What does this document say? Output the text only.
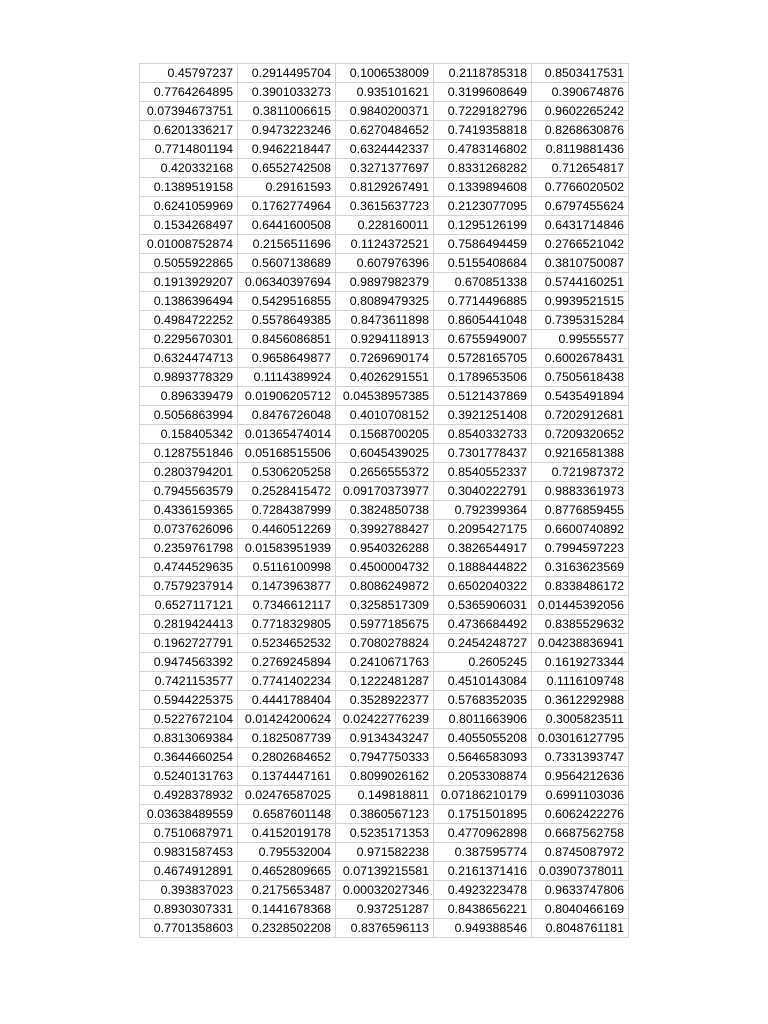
0.45797237	0.2914495704	0.1006538009	0.2118785318	0.8503417531
0.7764264895	0.3901033273	0.935101621	0.3199608649	0.390674876
0.07394673751	0.3811006615	0.9840200371	0.7229182796	0.9602265242
0.6201336217	0.9473223246	0.6270484652	0.7419358818	0.8268630876
0.7714801194	0.9462218447	0.6324442337	0.4783146802	0.8119881436
0.420332168	0.6552742508	0.3271377697	0.8331268282	0.712654817
0.1389519158	0.29161593	0.8129267491	0.1339894608	0.7766020502
0.6241059969	0.1762774964	0.3615637723	0.2123077095	0.6797455624
0.1534268497	0.6441600508	0.228160011	0.1295126199	0.6431714846
0.01008752874	0.2156511696	0.1124372521	0.7586494459	0.2766521042
0.5055922865	0.5607138689	0.607976396	0.5155408684	0.3810750087
0.1913929207	0.06340397694	0.9897982379	0.670851338	0.5744160251
0.1386396494	0.5429516855	0.8089479325	0.7714496885	0.9939521515
0.4984722252	0.5578649385	0.8473611898	0.8605441048	0.7395315284
0.2295670301	0.8456086851	0.9294118913	0.6755949007	0.99555577
0.6324474713	0.9658649877	0.7269690174	0.5728165705	0.6002678431
0.9893778329	0.1114389924	0.4026291551	0.1789653506	0.7505618438
0.896339479	0.01906205712	0.04538957385	0.5121437869	0.5435491894
0.5056863994	0.8476726048	0.4010708152	0.3921251408	0.7202912681
0.158405342	0.01365474014	0.1568700205	0.8540332733	0.7209320652
0.1287551846	0.05168515506	0.6045439025	0.7301778437	0.9216581388
0.2803794201	0.5306205258	0.2656555372	0.8540552337	0.721987372
0.7945563579	0.2528415472	0.09170373977	0.3040222791	0.9883361973
0.4336159365	0.7284387999	0.3824850738	0.792399364	0.8776859455
0.0737626096	0.4460512269	0.3992788427	0.2095427175	0.6600740892
0.2359761798	0.01583951939	0.9540326288	0.3826544917	0.7994597223
0.4744529635	0.5116100998	0.4500004732	0.1888444822	0.3163623569
0.7579237914	0.1473963877	0.8086249872	0.6502040322	0.8338486172
0.6527117121	0.7346612117	0.3258517309	0.5365906031	0.01445392056
0.2819424413	0.7718329805	0.5977185675	0.4736684492	0.8385529632
0.1962727791	0.5234652532	0.7080278824	0.2454248727	0.04238836941
0.9474563392	0.2769245894	0.2410671763	0.2605245	0.1619273344
0.7421153577	0.7741402234	0.1222481287	0.4510143084	0.1116109748
0.5944225375	0.4441788404	0.3528922377	0.5768352035	0.3612292988
0.5227672104	0.01424200624	0.02422776239	0.8011663906	0.3005823511
0.8313069384	0.1825087739	0.9134343247	0.4055055208	0.03016127795
0.3644660254	0.2802684652	0.7947750333	0.5646583093	0.7331393747
0.5240131763	0.1374447161	0.8099026162	0.2053308874	0.9564212636
0.4928378932	0.02476587025	0.149818811	0.07186210179	0.6991103036
0.03638489559	0.6587601148	0.3860567123	0.1751501895	0.6062422276
0.7510687971	0.4152019178	0.5235171353	0.4770962898	0.6687562758
0.9831587453	0.795532004	0.971582238	0.387595774	0.8745087972
0.4674912891	0.4652809665	0.07139215581	0.2161371416	0.03907378011
0.393837023	0.2175653487	0.00032027346	0.4923223478	0.9633747806
0.8930307331	0.1441678368	0.937251287	0.8438656221	0.8040466169
0.7701358603	0.2328502208	0.8376596113	0.949388546	0.8048761181
